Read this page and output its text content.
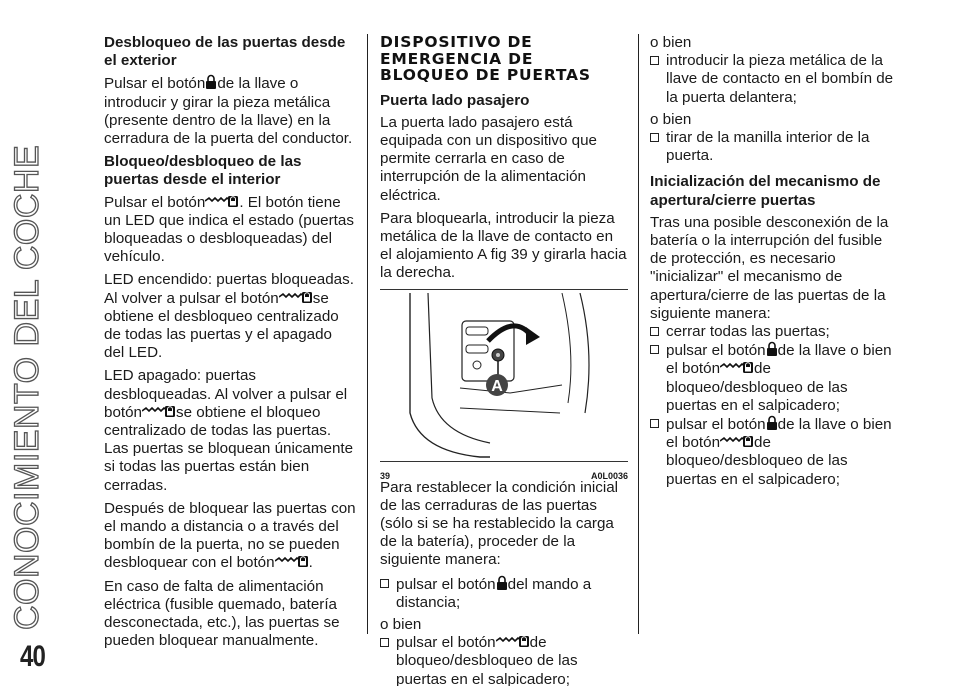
CONOCIMIENTO DEL COCHE
40
Desbloqueo de las puertas desde el exterior

Pulsar el botón de la llave o introducir y girar la pieza metálica (presente dentro de la llave) en la cerradura de la puerta del conductor.

Bloqueo/desbloqueo de las puertas desde el interior

Pulsar el botón . El botón tiene un LED que indica el estado (puertas bloqueadas o desbloqueadas) del vehículo.

LED encendido: puertas bloqueadas. Al volver a pulsar el botón se obtiene el desbloqueo centralizado de todas las puertas y el apagado del LED.

LED apagado: puertas desbloqueadas. Al volver a pulsar el botón se obtiene el bloqueo centralizado de todas las puertas. Las puertas se bloquean únicamente si todas las puertas están bien cerradas.

Después de bloquear las puertas con el mando a distancia o a través del bombín de la puerta, no se pueden desbloquear con el botón .

En caso de falta de alimentación eléctrica (fusible quemado, batería desconectada, etc.), las puertas se pueden bloquear manualmente.

DISPOSITIVO DE EMERGENCIA DE BLOQUEO DE PUERTAS
Puerta lado pasajero

La puerta lado pasajero está equipada con un dispositivo que permite cerrarla en caso de interrupción de la alimentación eléctrica.

Para bloquearla, introducir la pieza metálica de la llave de contacto en el alojamiento A fig 39 y girarla hacia la derecha.

A
39	A0L0036

Para restablecer la condición inicial de las cerraduras de las puertas (sólo si se ha restablecido la carga de la batería), proceder de la siguiente manera:

pulsar el botón del mando a distancia;

o bien

pulsar el botón de bloqueo/desbloqueo de las puertas en el salpicadero;

o bien

introducir la pieza metálica de la llave de contacto en el bombín de la puerta delantera;

o bien

tirar de la manilla interior de la puerta.
Inicialización del mecanismo de apertura/cierre puertas

Tras una posible desconexión de la batería o la interrupción del fusible de protección, es necesario "inicializar" el mecanismo de apertura/cierre de las puertas de la siguiente manera:

cerrar todas las puertas;
pulsar el botón de la llave o bien el botón de bloqueo/desbloqueo de las puertas en el salpicadero;
pulsar el botón de la llave o bien el botón de bloqueo/desbloqueo de las puertas en el salpicadero;
